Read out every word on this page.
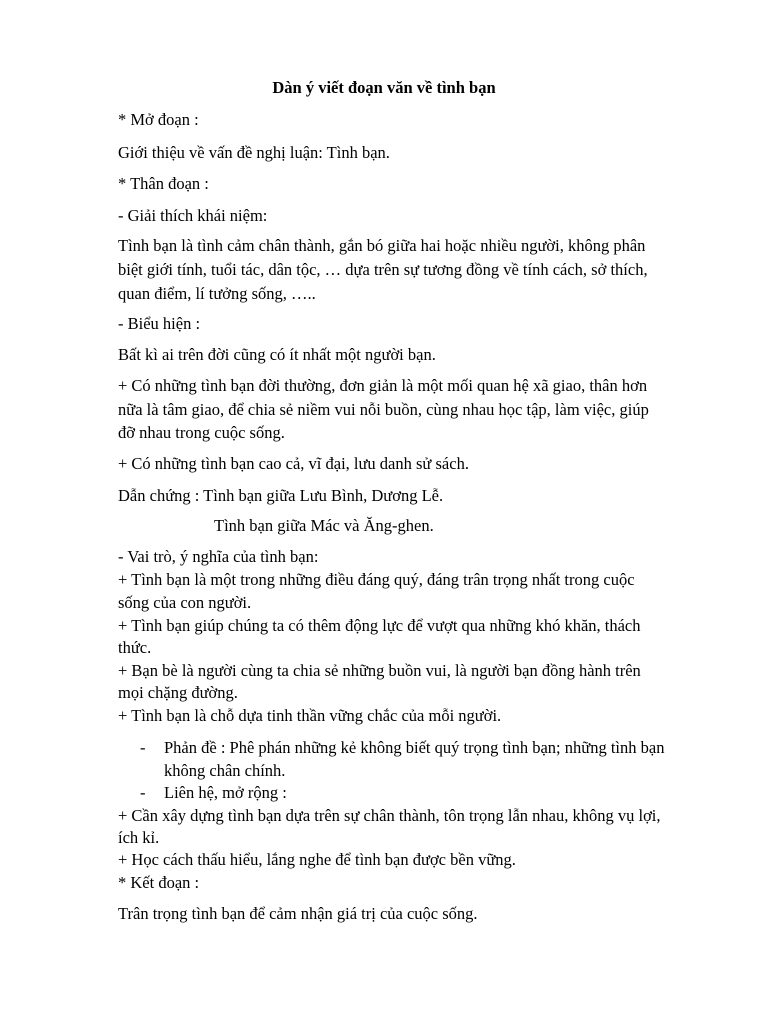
Dàn ý viết đoạn văn về tình bạn

* Mở đoạn :

Giới thiệu về vấn đề nghị luận: Tình bạn.

* Thân đoạn :

- Giải thích khái niệm:

Tình bạn là tình cảm chân thành, gắn bó giữa hai hoặc nhiều người, không phân

biệt giới tính, tuổi tác, dân tộc, … dựa trên sự tương đồng về tính cách, sở thích,

quan điểm, lí tưởng sống, …..

- Biểu hiện :

Bất kì ai trên đời cũng có ít nhất một người bạn.

+ Có những tình bạn đời thường, đơn giản là một mối quan hệ xã giao, thân hơn

nữa là tâm giao, để chia sẻ niềm vui nỗi buồn, cùng nhau học tập, làm việc, giúp

đỡ nhau trong cuộc sống.

+ Có những tình bạn cao cả, vĩ đại, lưu danh sử sách.

Dẫn chứng : Tình bạn giữa Lưu Bình, Dương Lễ.

Tình bạn giữa Mác và Ăng-ghen.

- Vai trò, ý nghĩa của tình bạn:

+ Tình bạn là một trong những điều đáng quý, đáng trân trọng nhất trong cuộc

sống của con người.

+ Tình bạn giúp chúng ta có thêm động lực để vượt qua những khó khăn, thách

thức.

+ Bạn bè là người cùng ta chia sẻ những buồn vui, là người bạn đồng hành trên

mọi chặng đường.

+ Tình bạn là chỗ dựa tinh thần vững chắc của mỗi người.

- Phản đề : Phê phán những kẻ không biết quý trọng tình bạn; những tình bạn

không chân chính.

- Liên hệ, mở rộng :

+ Cần xây dựng tình bạn dựa trên sự chân thành, tôn trọng lẫn nhau, không vụ lợi,

ích kỉ.

+ Học cách thấu hiểu, lắng nghe để tình bạn được bền vững.

* Kết đoạn :

Trân trọng tình bạn để cảm nhận giá trị của cuộc sống.
